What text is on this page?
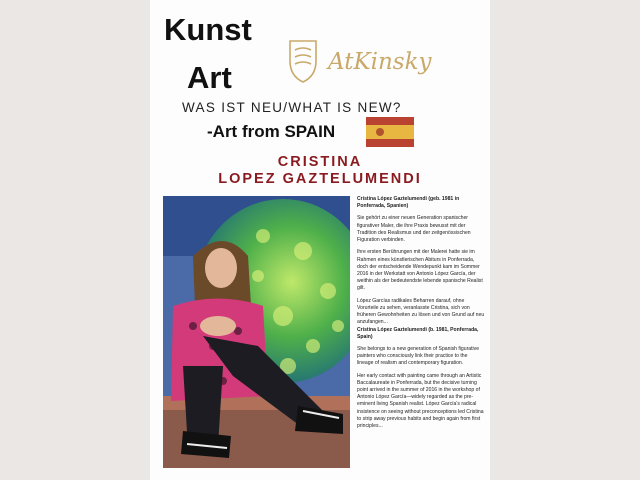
Kunst
Art	AtKinsky
WAS IST NEU/WHAT IS NEW?
-Art from SPAIN
CRISTINA
LOPEZ GAZTELUMENDI

Cristina López Gaztelumendi (geb. 1981 in Ponferrada, Spanien)

Sie gehört zu einer neuen Generation spanischer figurativer Maler, die ihre Praxis bewusst mit der Tradition des Realismus und der zeitgenössischen Figuration verbinden.

Ihre ersten Berührungen mit der Malerei hatte sie im Rahmen eines künstlerischen Abiturs in Ponferrada, doch der entscheidende Wendepunkt kam im Sommer 2016 in der Werkstatt von Antonio López García, der weithin als der bedeutendste lebende spanische Realist gilt.

López Garcías radikales Beharren darauf, ohne Vorurteile zu sehen, veranlasste Cristina, sich von früheren Gewohnheiten zu lösen und von Grund auf neu anzufangen...

Cristina López Gaztelumendi (b. 1981, Ponferrada, Spain)

She belongs to a new generation of Spanish figurative painters who consciously link their practice to the lineage of realism and contemporary figuration.

Her early contact with painting came through an Artistic Baccalaureate in Ponferrada, but the decisive turning point arrived in the summer of 2016 in the workshop of Antonio López García—widely regarded as the pre-eminent living Spanish realist. López García's radical insistence on seeing without preconceptions led Cristina to strip away previous habits and begin again from first principles...
